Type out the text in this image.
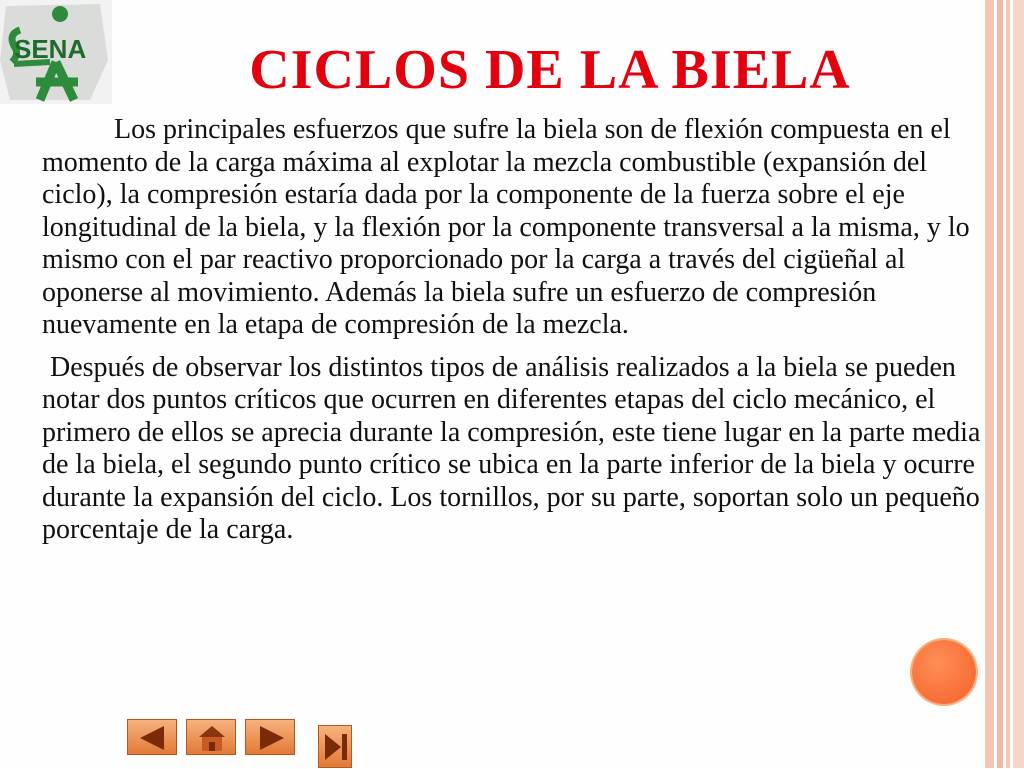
SENA	CICLOS DE LA BIELA

Los principales esfuerzos que sufre la biela son de flexión compuesta en el momento de la carga máxima al explotar la mezcla combustible (expansión del ciclo), la compresión estaría dada por la componente de la fuerza sobre el eje longitudinal de la biela, y la flexión por la componente transversal a la misma, y lo mismo con el par reactivo proporcionado por la carga a través del cigüeñal al oponerse al movimiento. Además la biela sufre un esfuerzo de compresión nuevamente en la etapa de compresión de la mezcla.

Después de observar los distintos tipos de análisis realizados a la biela se pueden notar dos puntos críticos que ocurren en diferentes etapas del ciclo mecánico, el primero de ellos se aprecia durante la compresión, este tiene lugar en la parte media de la biela, el segundo punto crítico se ubica en la parte inferior de la biela y ocurre durante la expansión del ciclo. Los tornillos, por su parte, soportan solo un pequeño porcentaje de la carga.
